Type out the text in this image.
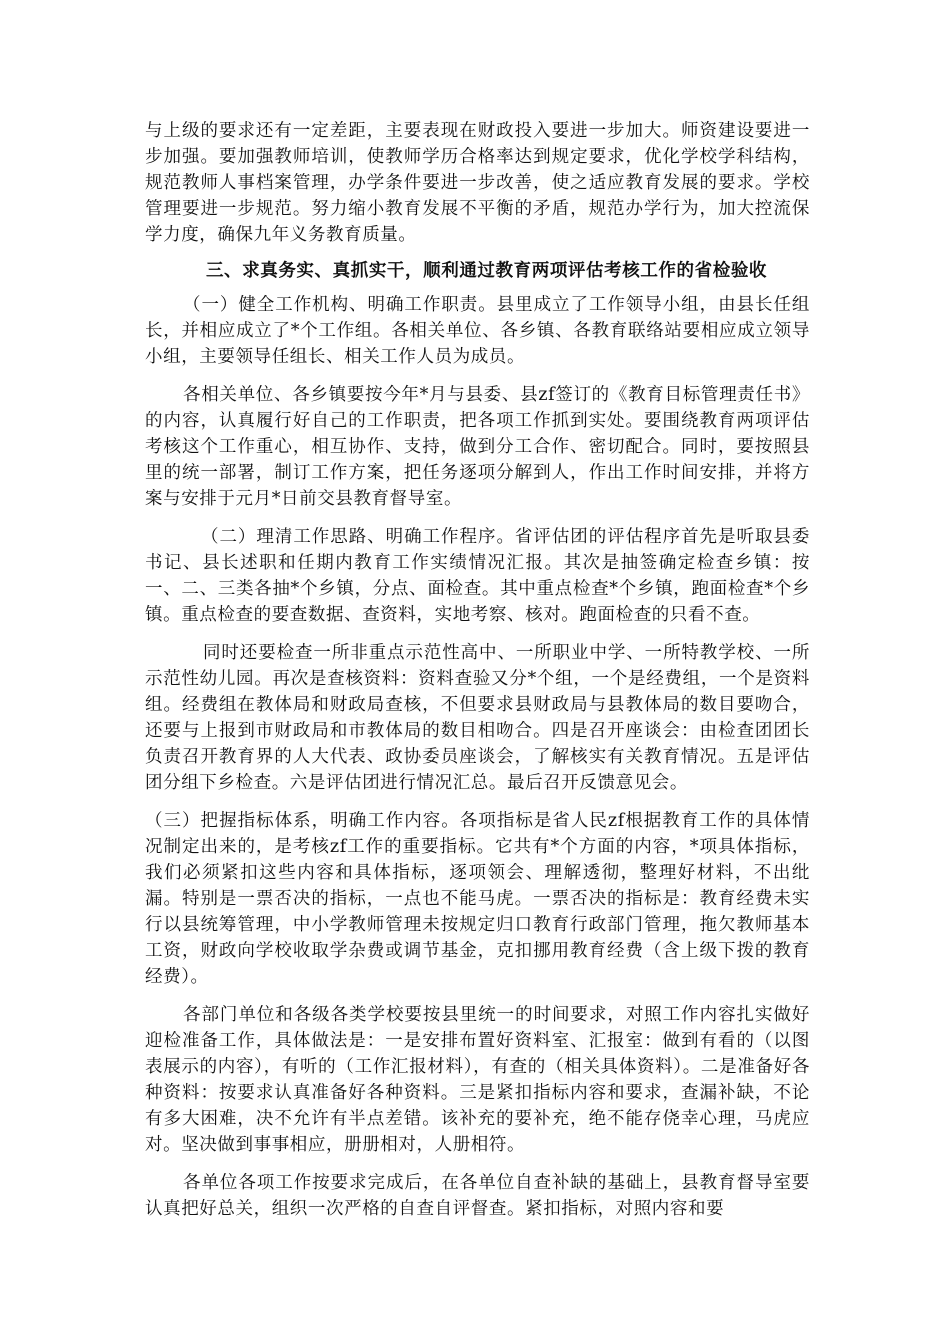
与上级的要求还有一定差距，主要表现在财政投入要进一步加大。师资建设要进一步加强。要加强教师培训，使教师学历合格率达到规定要求，优化学校学科结构，规范教师人事档案管理，办学条件要进一步改善，使之适应教育发展的要求。学校管理要进一步规范。努力缩小教育发展不平衡的矛盾，规范办学行为，加大控流保学力度，确保九年义务教育质量。

三、求真务实、真抓实干，顺利通过教育两项评估考核工作的省检验收

（一）健全工作机构、明确工作职责。县里成立了工作领导小组，由县长任组长，并相应成立了*个工作组。各相关单位、各乡镇、各教育联络站要相应成立领导小组，主要领导任组长、相关工作人员为成员。

各相关单位、各乡镇要按今年*月与县委、县zf签订的《教育目标管理责任书》的内容，认真履行好自己的工作职责，把各项工作抓到实处。要围绕教育两项评估考核这个工作重心，相互协作、支持，做到分工合作、密切配合。同时，要按照县里的统一部署，制订工作方案，把任务逐项分解到人，作出工作时间安排，并将方案与安排于元月*日前交县教育督导室。

（二）理清工作思路、明确工作程序。省评估团的评估程序首先是听取县委书记、县长述职和任期内教育工作实绩情况汇报。其次是抽签确定检查乡镇：按一、二、三类各抽*个乡镇，分点、面检查。其中重点检查*个乡镇，跑面检查*个乡镇。重点检查的要查数据、查资料，实地考察、核对。跑面检查的只看不查。

同时还要检查一所非重点示范性高中、一所职业中学、一所特教学校、一所示范性幼儿园。再次是查核资料：资料查验又分*个组，一个是经费组，一个是资料组。经费组在教体局和财政局查核，不但要求县财政局与县教体局的数目要吻合，还要与上报到市财政局和市教体局的数目相吻合。四是召开座谈会：由检查团团长负责召开教育界的人大代表、政协委员座谈会，了解核实有关教育情况。五是评估团分组下乡检查。六是评估团进行情况汇总。最后召开反馈意见会。

（三）把握指标体系，明确工作内容。各项指标是省人民zf根据教育工作的具体情况制定出来的，是考核zf工作的重要指标。它共有*个方面的内容，*项具体指标，我们必须紧扣这些内容和具体指标，逐项领会、理解透彻，整理好材料，不出纰漏。特别是一票否决的指标，一点也不能马虎。一票否决的指标是：教育经费未实行以县统筹管理，中小学教师管理未按规定归口教育行政部门管理，拖欠教师基本工资，财政向学校收取学杂费或调节基金，克扣挪用教育经费（含上级下拨的教育经费）。

各部门单位和各级各类学校要按县里统一的时间要求，对照工作内容扎实做好迎检准备工作，具体做法是：一是安排布置好资料室、汇报室：做到有看的（以图表展示的内容），有听的（工作汇报材料），有查的（相关具体资料）。二是准备好各种资料：按要求认真准备好各种资料。三是紧扣指标内容和要求，查漏补缺，不论有多大困难，决不允许有半点差错。该补充的要补充，绝不能存侥幸心理，马虎应对。坚决做到事事相应，册册相对，人册相符。

各单位各项工作按要求完成后，在各单位自查补缺的基础上，县教育督导室要认真把好总关，组织一次严格的自查自评督查。紧扣指标，对照内容和要
